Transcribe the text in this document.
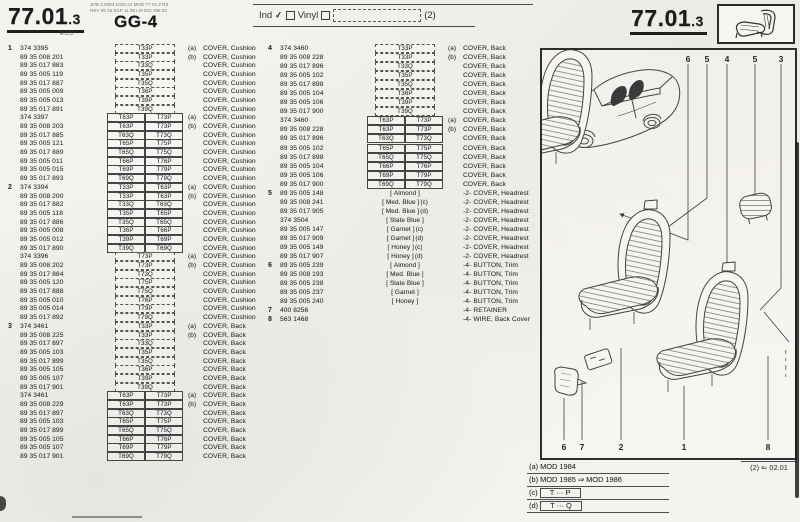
77.01.3
R.C.3
JOB 2.0094 1033-24 MOD 77 01 2 R3
REV 05 18 EXP 11 08 LM 522 198 02
GG-4	Ind ✓ Vinyl	(2)	77.01.3
1	374 3395	T33P	(a)	COVER, Cushion
89 35 008 201	T33P	(b)	COVER, Cushion
89 35 017 883	T33Q	COVER, Cushion
89 35 005 119	T35P	COVER, Cushion
89 35 017 887	T35Q	COVER, Cushion
89 35 005 009	T36P	COVER, Cushion
89 35 005 013	T39P	COVER, Cushion
89 35 017 891	T39Q	COVER, Cushion
374 3397	T63P	T73P	(a)	COVER, Cushion
89 35 008 203	T63P	T73P	(b)	COVER, Cushion
89 35 017 885	T63Q	T73Q	COVER, Cushion
89 35 005 121	T65P	T75P	COVER, Cushion
89 35 017 889	T65Q	T75Q	COVER, Cushion
89 35 005 011	T66P	T76P	COVER, Cushion
89 35 005 015	T69P	T79P	COVER, Cushion
89 35 017 893	T69Q	T79Q	COVER, Cushion
2	374 3394	T33P	T63P	(a)	COVER, Cushion
89 35 008 200	T33P	T63P	(b)	COVER, Cushion
89 35 017 882	T33Q	T63Q	COVER, Cushion
89 35 005 118	T35P	T65P	COVER, Cushion
89 35 017 886	T35Q	T65Q	COVER, Cushion
89 35 005 008	T36P	T66P	COVER, Cushion
89 35 005 012	T39P	T69P	COVER, Cushion
89 35 017 890	T39Q	T69Q	COVER, Cushion
374 3396	T73P	(a)	COVER, Cushion
89 35 008 202	T73P	(b)	COVER, Cushion
89 35 017 884	T73Q	COVER, Cushion
89 35 005 120	T75P	COVER, Cushion
89 35 017 888	T75Q	COVER, Cushion
89 35 005 010	T76P	COVER, Cushion
89 35 005 014	T79P	COVER, Cushion
89 35 017 892	T79Q	COVER, Cushion
3	374 3461	T33P	(a)	COVER, Back
89 35 008 225	T33P	(b)	COVER, Back
89 35 017 897	T33Q	COVER, Back
89 35 005 103	T35P	COVER, Back
89 35 017 899	T35Q	COVER, Back
89 35 005 105	T36P	COVER, Back
89 35 005 107	T39P	COVER, Back
89 35 017 901	T39Q	COVER, Back
374 3461	T63P	T73P	(a)	COVER, Back
89 35 008 229	T63P	T73P	(b)	COVER, Back
89 35 017 897	T63Q	T73Q	COVER, Back
89 35 005 103	T65P	T75P	COVER, Back
89 35 017 899	T65Q	T75Q	COVER, Back
89 35 005 105	T66P	T76P	COVER, Back
89 35 005 107	T69P	T79P	COVER, Back
89 35 017 901	T69Q	T79Q	COVER, Back
4	374 3460	T33P	(a)	COVER, Back
89 35 008 228	T33P	(b)	COVER, Back
89 35 017 896	T33Q	COVER, Back
89 35 005 102	T35P	COVER, Back
89 35 017 898	T35Q	COVER, Back
89 35 005 104	T36P	COVER, Back
89 35 005 106	T39P	COVER, Back
89 35 017 900	T39Q	COVER, Back
374 3460	T63P	T73P	(a)	COVER, Back
89 35 008 228	T63P	T73P	(b)	COVER, Back
89 35 017 896	T63Q	T73Q	COVER, Back
89 35 005 102	T65P	T75P	COVER, Back
89 35 017 898	T65Q	T75Q	COVER, Back
89 35 005 104	T66P	T76P	COVER, Back
89 35 005 106	T69P	T79P	COVER, Back
89 35 017 900	T69Q	T79Q	COVER, Back
5	89 35 005 148	[ Almond ]	-2- COVER, Headrest
89 35 008 241	[ Med. Blue ] (c)	-2- COVER, Headrest
89 35 017 905	[ Med. Blue ] (d)	-2- COVER, Headrest
374 3504	[ Slate Blue ]	-2- COVER, Headrest
89 35 005 147	[ Garnet ] (c)	-2- COVER, Headrest
89 35 017 909	[ Garnet ] (d)	-2- COVER, Headrest
89 35 005 149	[ Honey ] (c)	-2- COVER, Headrest
89 35 017 907	[ Honey ] (d)	-2- COVER, Headrest
6	89 35 005 239	[ Almond ]	-4- BUTTON, Trim
89 35 008 193	[ Med. Blue ]	-4- BUTTON, Trim
89 35 005 238	[ Slate Blue ]	-4- BUTTON, Trim
89 35 005 237	[ Garnet ]	-4- BUTTON, Trim
89 35 005 240	[ Honey ]	-4- BUTTON, Trim
7	400 8256	-4- RETAINER
8	563 1468	-4- WIRE, Back Cover
6 5 4	5	3
6 7	2	1	8
(a) MOD 1984
(b) MOD 1985 ⇒ MOD 1986
(c) T ··· P
(d) T ··· Q
(2) ⇐ 02.01
